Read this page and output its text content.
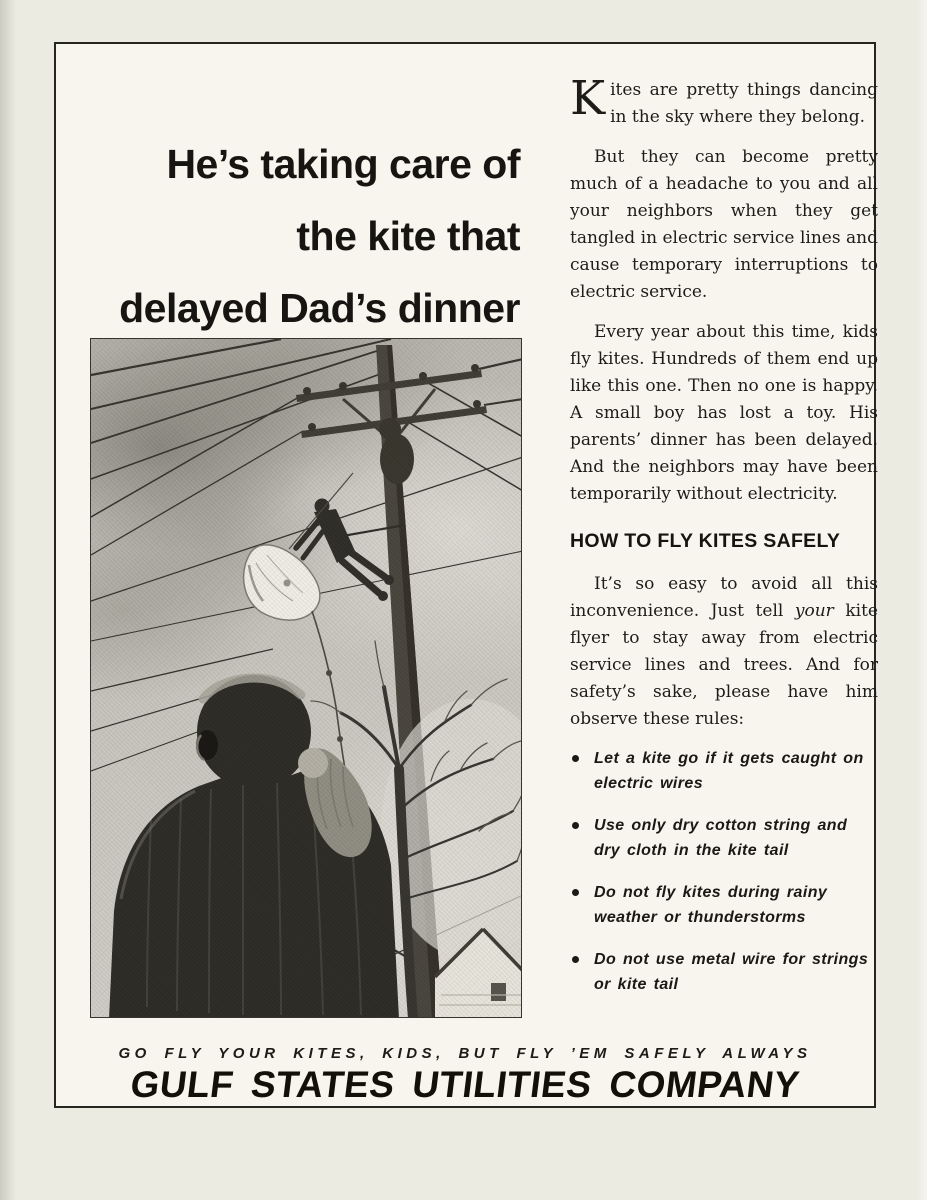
He’s taking care of
the kite that
delayed Dad’s dinner

Kites are pretty things dancing in the sky where they belong.

But they can become pretty much of a headache to you and all your neighbors when they get tangled in electric service lines and cause temporary interruptions to electric service.

Every year about this time, kids fly kites. Hundreds of them end up like this one. Then no one is happy. A small boy has lost a toy. His parents’ dinner has been delayed. And the neighbors may have been temporarily without electricity.

HOW TO FLY KITES SAFELY

It’s so easy to avoid all this inconvenience. Just tell your kite flyer to stay away from electric service lines and trees. And for safety’s sake, please have him observe these rules:

Let a kite go if it gets caught on electric wires
Use only dry cotton string and dry cloth in the kite tail
Do not fly kites during rainy weather or thunderstorms
Do not use metal wire for strings or kite tail
GO FLY YOUR KITES, KIDS, BUT FLY ’EM SAFELY ALWAYS
GULF STATES UTILITIES COMPANY
